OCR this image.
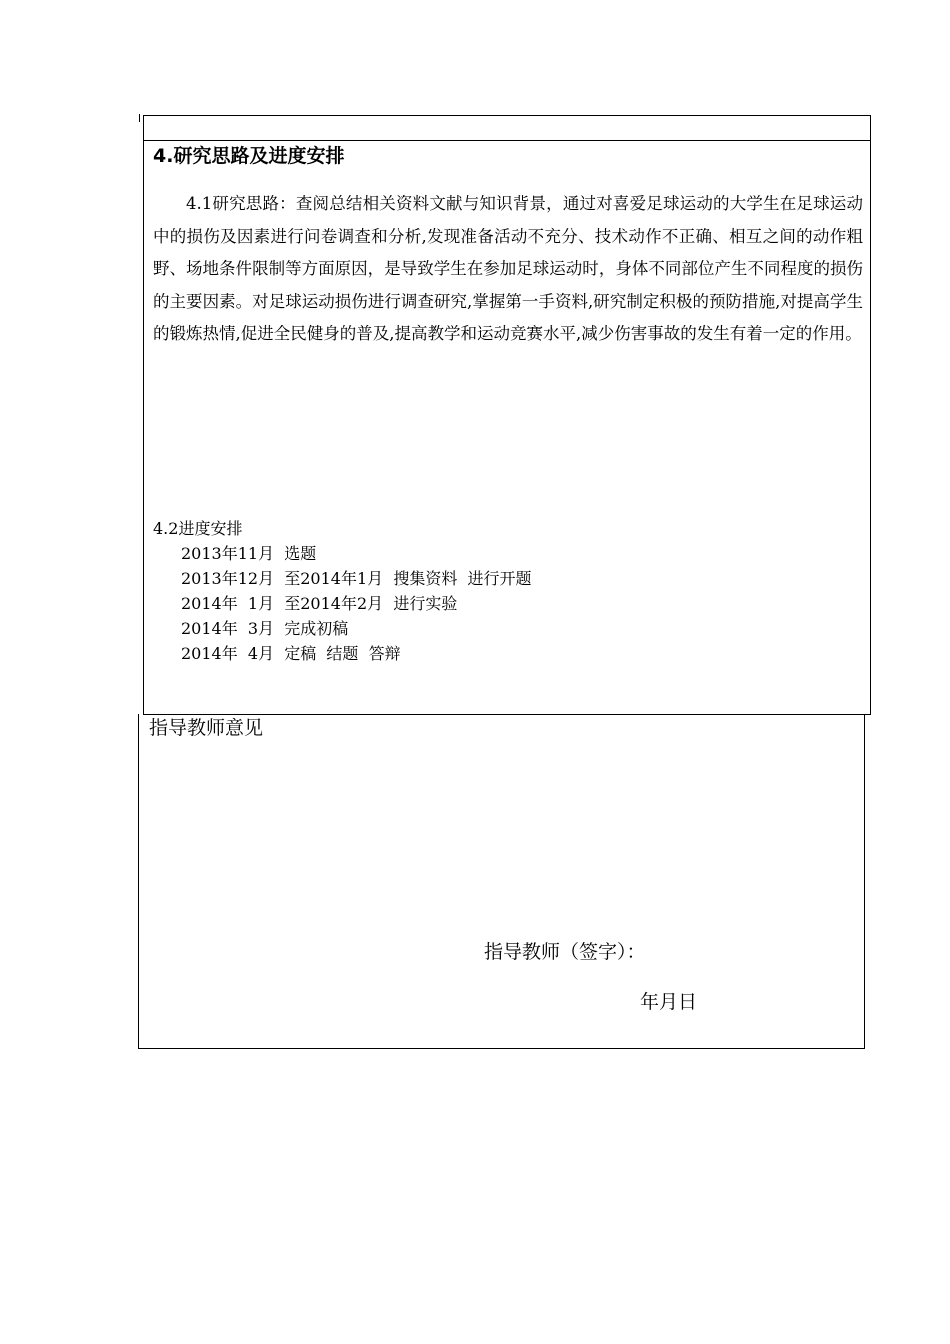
4.研究思路及进度安排

4.1研究思路：查阅总结相关资料文献与知识背景，通过对喜爱足球运动的大学生在足球运动中的损伤及因素进行问卷调查和分析,发现准备活动不充分、技术动作不正确、相互之间的动作粗野、场地条件限制等方面原因，是导致学生在参加足球运动时，身体不同部位产生不同程度的损伤的主要因素。对足球运动损伤进行调查研究,掌握第一手资料,研究制定积极的预防措施,对提高学生的锻炼热情,促进全民健身的普及,提高教学和运动竞赛水平,减少伤害事故的发生有着一定的作用。

4.2进度安排
2013年11月  选题
2013年12月  至2014年1月  搜集资料  进行开题
2014年  1月  至2014年2月  进行实验
2014年  3月  完成初稿
2014年  4月  定稿  结题  答辩
指导教师意见
指导教师（签字）：
年月日
